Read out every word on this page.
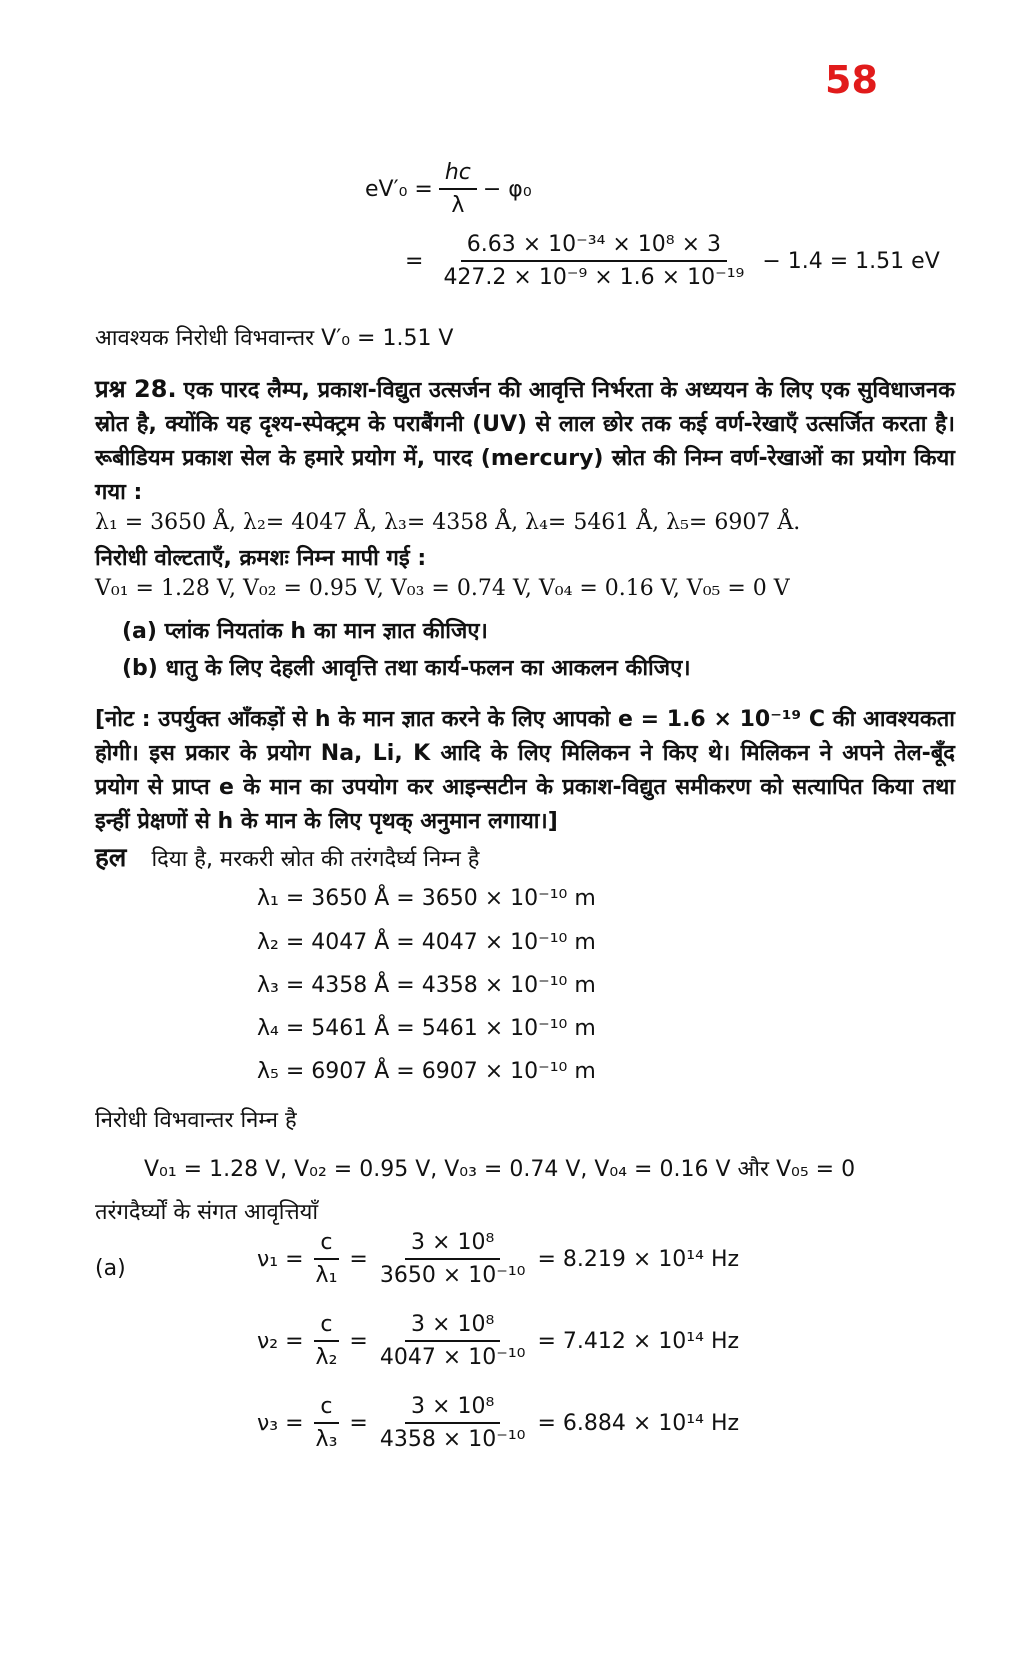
58
$eV'_0 = \frac{hc}{\lambda} - \varphi_0$
= $\frac{\text{6.63 × 10⁻³⁴ × 10⁸ × 3}}{\text{427.2 × 10⁻⁹ × 1.6 × 10⁻¹⁹}} - 1.4 = 1.51$ eV
आवश्यक निरोधी विभवान्तर V′₀ = 1.51 V
प्रश्न 28. एक पारद लैम्प, प्रकाश-विद्युत उत्सर्जन की आवृत्ति निर्भरता के अध्ययन के लिए एक सुविधाजनक स्रोत है, क्योंकि यह दृश्य-स्पेक्ट्रम के पराबैंगनी (UV) से लाल छोर तक कई वर्ण-रेखाएँ उत्सर्जित करता है। रूबीडियम प्रकाश सेल के हमारे प्रयोग में, पारद (mercury) स्रोत की निम्न वर्ण-रेखाओं का प्रयोग किया गया :
λ₁ = 3650 Å, λ₂= 4047 Å, λ₃= 4358 Å, λ₄= 5461 Å, λ₅= 6907 Å.
निरोधी वोल्टताएँ, क्रमशः निम्न मापी गई :
V₀₁ = 1.28 V, V₀₂ = 0.95 V, V₀₃ = 0.74 V, V₀₄ = 0.16 V, V₀₅ = 0 V
(a) प्लांक नियतांक h का मान ज्ञात कीजिए।
(b) धातु के लिए देहली आवृत्ति तथा कार्य-फलन का आकलन कीजिए।
[नोट : उपर्युक्त आँकड़ों से h के मान ज्ञात करने के लिए आपको e = 1.6 × 10⁻¹⁹ C की आवश्यकता होगी। इस प्रकार के प्रयोग Na, Li, K आदि के लिए मिलिकन ने किए थे। मिलिकन ने अपने तेल-बूँद प्रयोग से प्राप्त e के मान का उपयोग कर आइन्सटीन के प्रकाश-विद्युत समीकरण को सत्यापित किया तथा इन्हीं प्रेक्षणों से h के मान के लिए पृथक् अनुमान लगाया।]
हल दिया है, मरकरी स्रोत की तरंगदैर्घ्य निम्न है
λ₁ = 3650 Å = 3650 × 10⁻¹⁰ m
λ₂ = 4047 Å = 4047 × 10⁻¹⁰ m
λ₃ = 4358 Å = 4358 × 10⁻¹⁰ m
λ₄ = 5461 Å = 5461 × 10⁻¹⁰ m
λ₅ = 6907 Å = 6907 × 10⁻¹⁰ m
निरोधी विभवान्तर निम्न है
V₀₁ = 1.28 V, V₀₂ = 0.95 V, V₀₃ = 0.74 V, V₀₄ = 0.16 V और V₀₅ = 0
तरंगदैर्घ्यों के संगत आवृत्तियाँ
(a)	$\nu_1 = \frac{c}{\text{λ₁}} = \frac{\text{3 × 10⁸}}{\text{3650 × 10⁻¹⁰}} = 8.219 \times 10^{14}$ Hz
$\nu_2 = \frac{c}{\text{λ₂}} = \frac{\text{3 × 10⁸}}{\text{4047 × 10⁻¹⁰}} = 7.412 \times 10^{14}$ Hz
$\nu_3 = \frac{c}{\text{λ₃}} = \frac{\text{3 × 10⁸}}{\text{4358 × 10⁻¹⁰}} = 6.884 \times 10^{14}$ Hz
